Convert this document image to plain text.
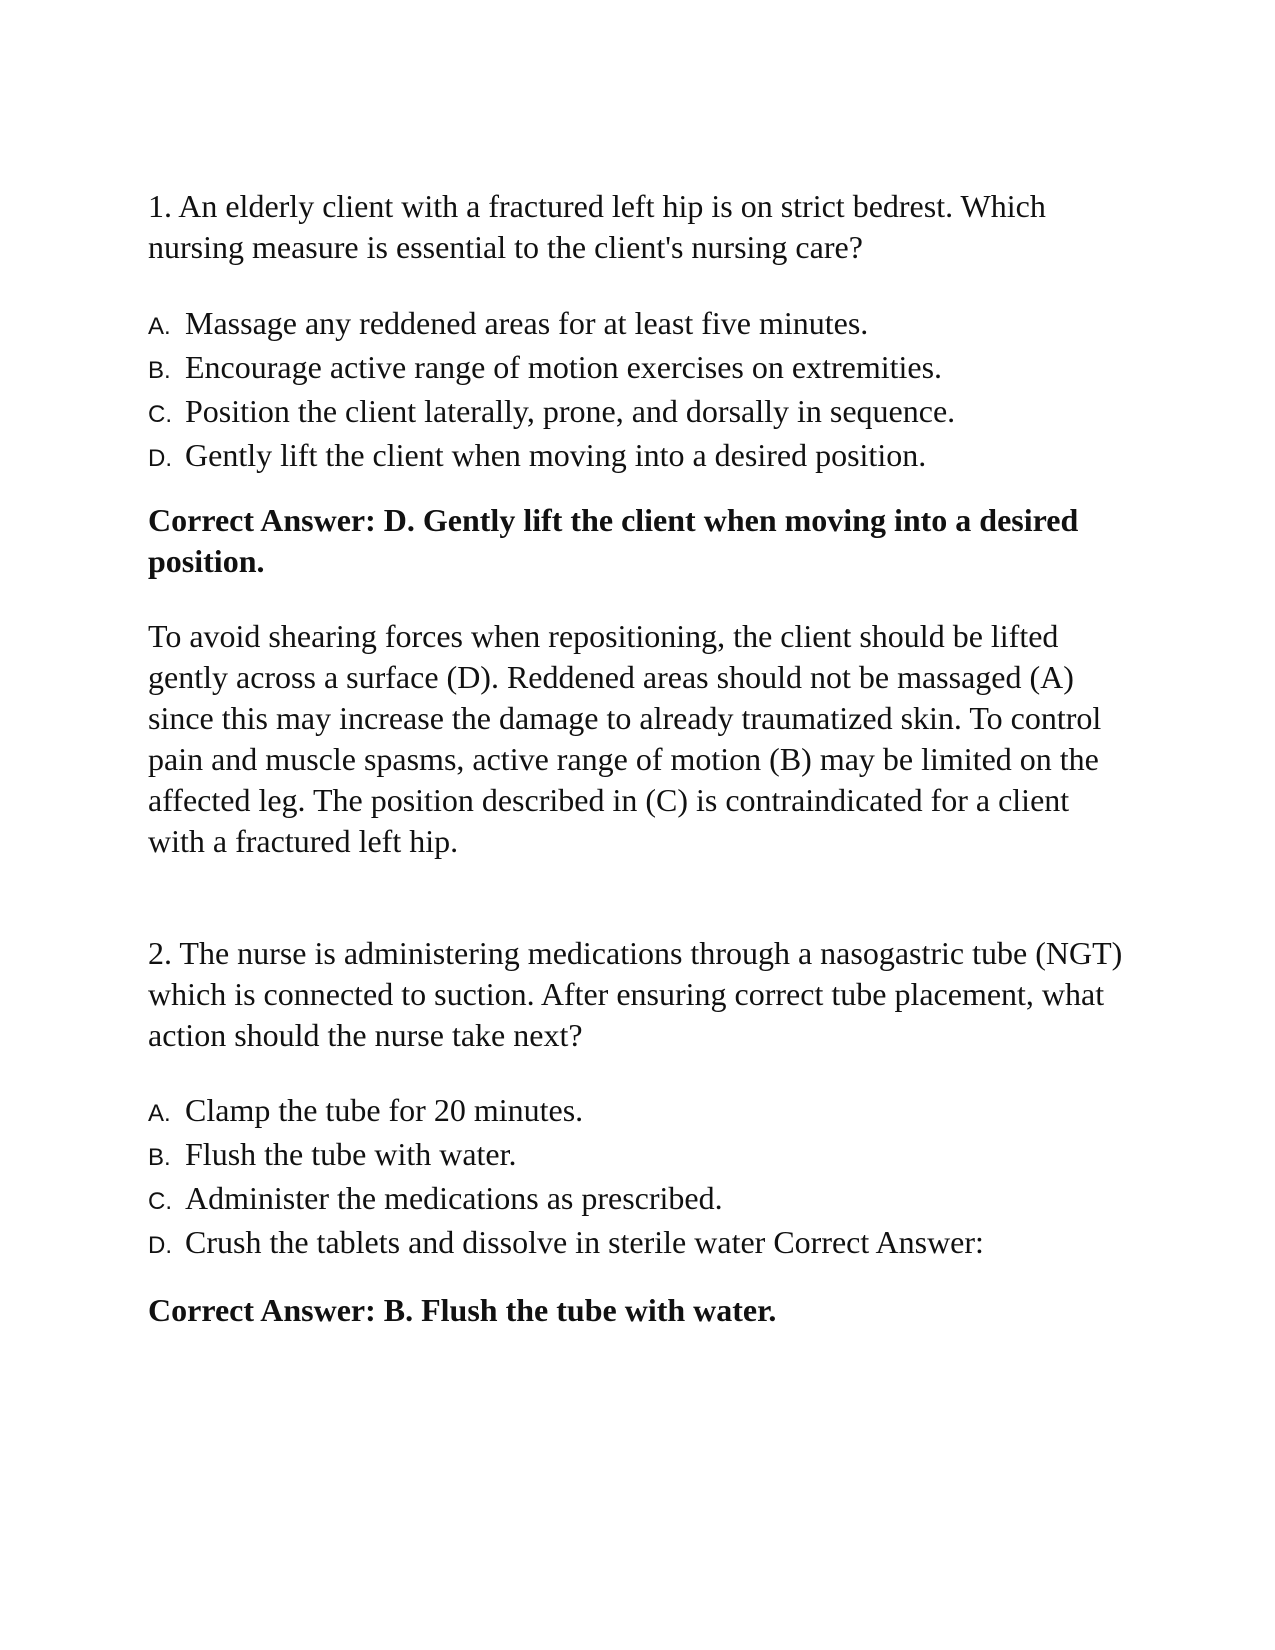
1. An elderly client with a fractured left hip is on strict bedrest. Which nursing measure is essential to the client's nursing care?

A. Massage any reddened areas for at least five minutes.
B. Encourage active range of motion exercises on extremities.
C. Position the client laterally, prone, and dorsally in sequence.
D. Gently lift the client when moving into a desired position.

Correct Answer: D. Gently lift the client when moving into a desired position.

To avoid shearing forces when repositioning, the client should be lifted gently across a surface (D). Reddened areas should not be massaged (A) since this may increase the damage to already traumatized skin. To control pain and muscle spasms, active range of motion (B) may be limited on the affected leg. The position described in (C) is contraindicated for a client with a fractured left hip.

2. The nurse is administering medications through a nasogastric tube (NGT) which is connected to suction. After ensuring correct tube placement, what action should the nurse take next?

A. Clamp the tube for 20 minutes.
B. Flush the tube with water.
C. Administer the medications as prescribed.
D. Crush the tablets and dissolve in sterile water Correct Answer:

Correct Answer: B. Flush the tube with water.
